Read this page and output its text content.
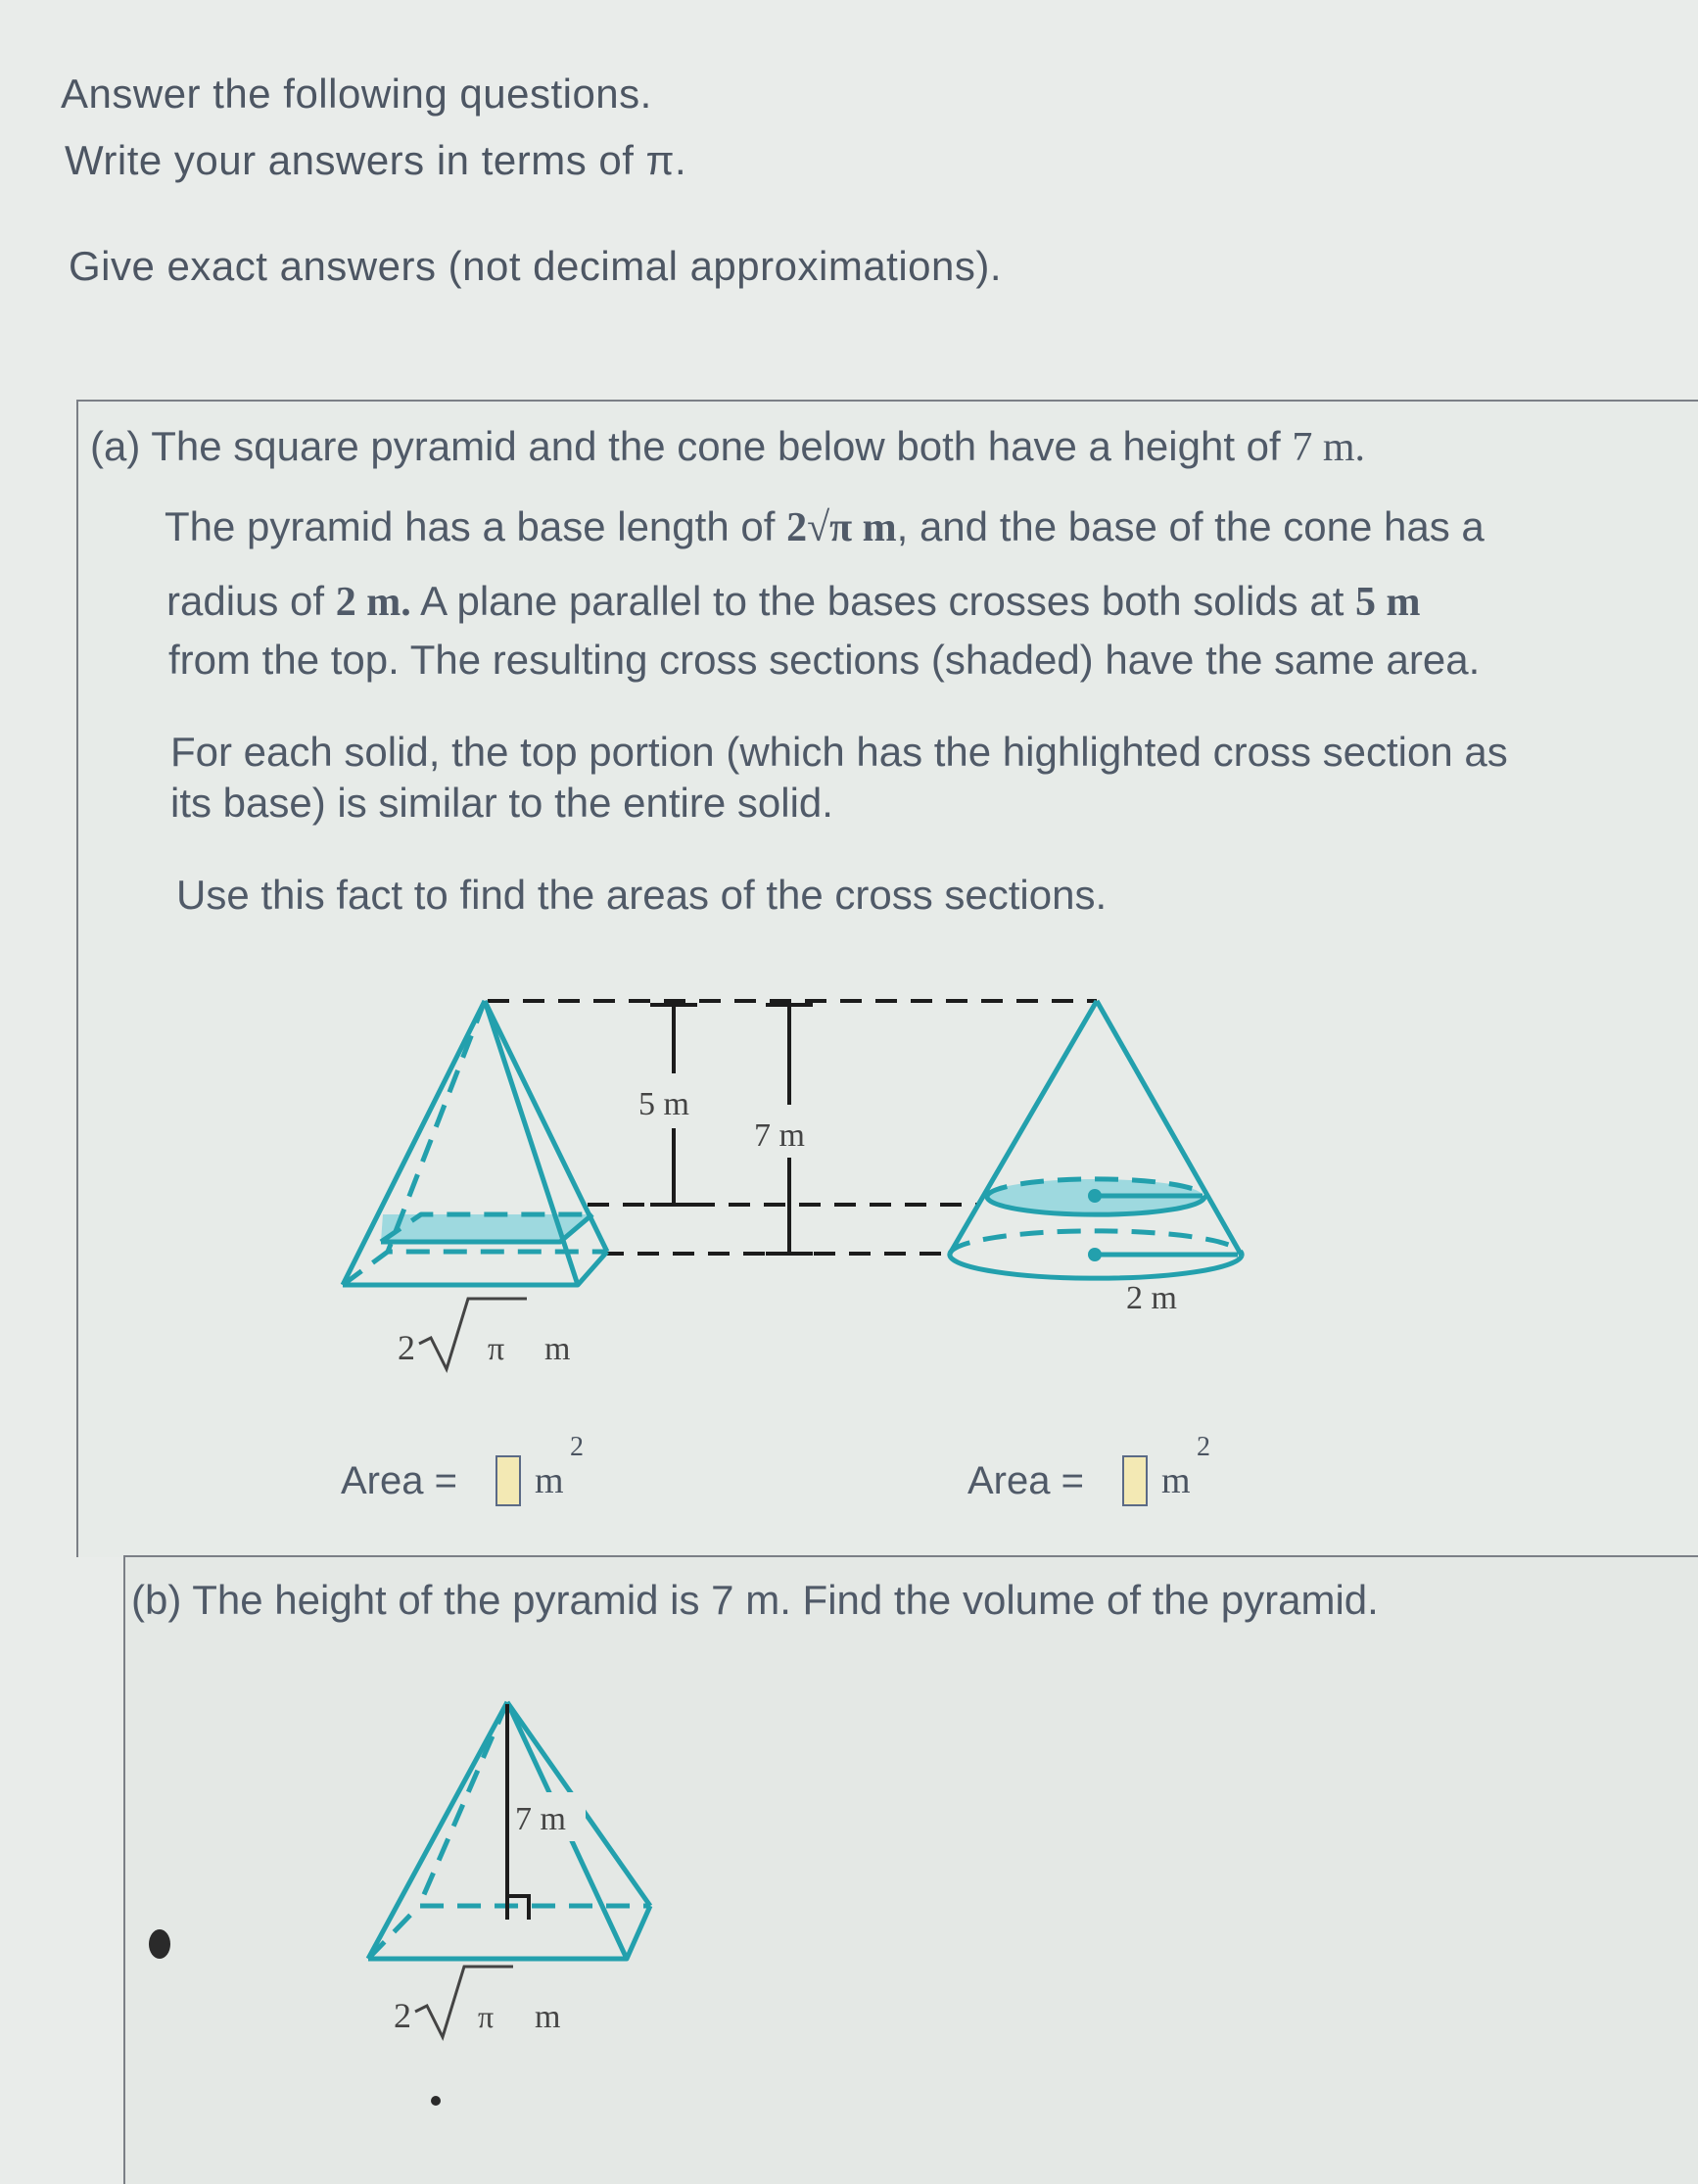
Answer the following questions.
Write your answers in terms of π.
Give exact answers (not decimal approximations).
(a) The square pyramid and the cone below both have a height of 7 m.
The pyramid has a base length of 2√π m, and the base of the cone has a
radius of 2 m. A plane parallel to the bases crosses both solids at 5 m
from the top. The resulting cross sections (shaded) have the same area.
For each solid, the top portion (which has the highlighted cross section as
its base) is similar to the entire solid.
Use this fact to find the areas of the cross sections.
5 m
7 m
2 π m
2 m
Area = m
2
Area = m
2
(b) The height of the pyramid is 7 m. Find the volume of the pyramid.
7 m
2 π m
